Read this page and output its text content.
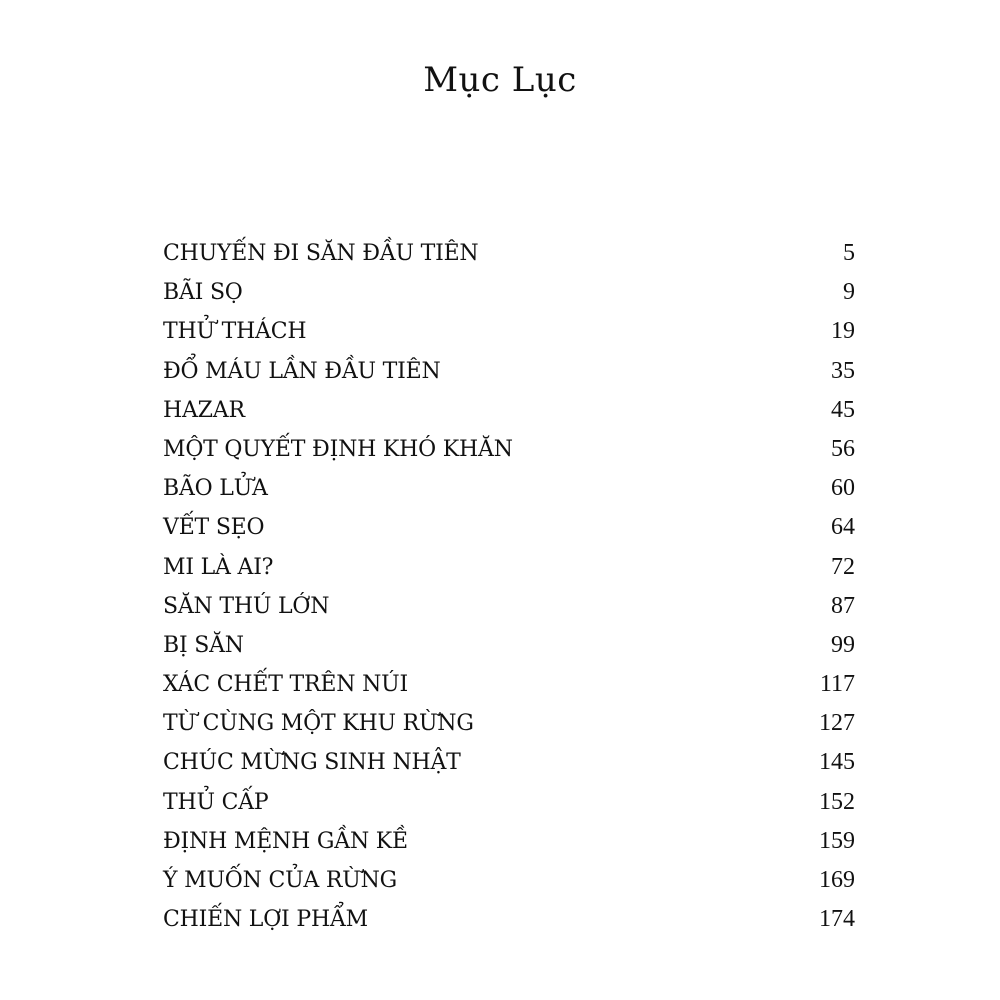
Mục Lục
CHUYẾN ĐI SĂN ĐẦU TIÊN	5
BÃI SỌ	9
THỬ THÁCH	19
ĐỔ MÁU LẦN ĐẦU TIÊN	35
HAZAR	45
MỘT QUYẾT ĐỊNH KHÓ KHĂN	56
BÃO LỬA	60
VẾT SẸO	64
MI LÀ AI?	72
SĂN THÚ LỚN	87
BỊ SĂN	99
XÁC CHẾT TRÊN NÚI	117
TỪ CÙNG MỘT KHU RỪNG	127
CHÚC MỪNG SINH NHẬT	145
THỦ CẤP	152
ĐỊNH MỆNH GẦN KỀ	159
Ý MUỐN CỦA RỪNG	169
CHIẾN LỢI PHẨM	174
